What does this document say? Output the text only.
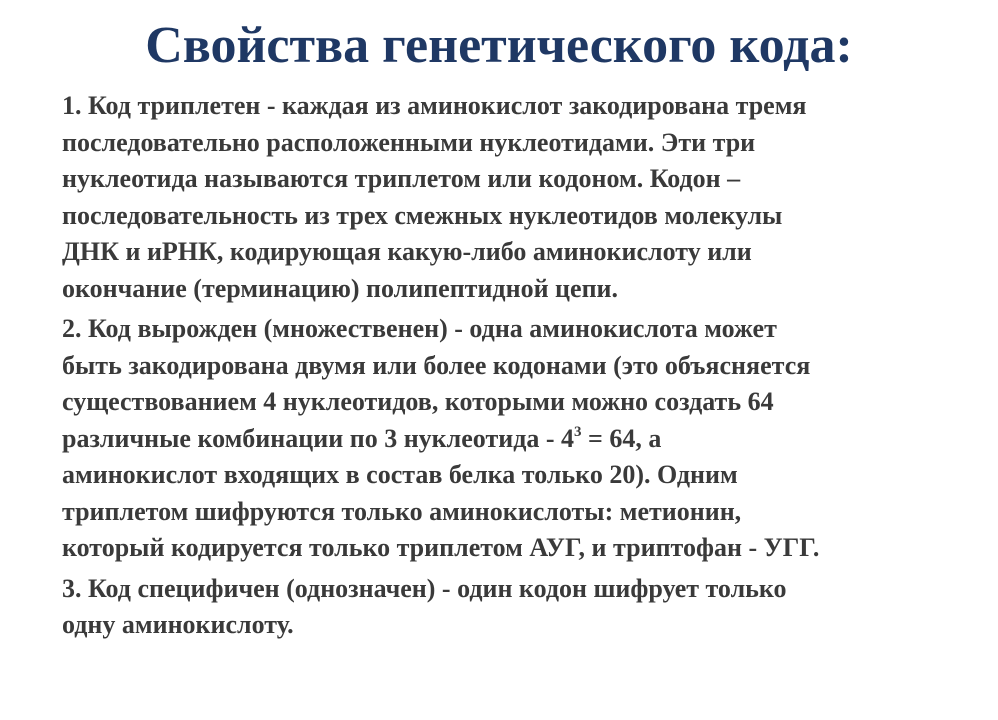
Свойства генетического кода:

1. Код триплетен - каждая из аминокислот закодирована тремя
последовательно расположенными нуклеотидами. Эти три
нуклеотида называются триплетом или кодоном. Кодон –
последовательность из трех смежных нуклеотидов молекулы
ДНК и иРНК, кодирующая какую-либо аминокислоту или
окончание (терминацию) полипептидной цепи.

2. Код вырожден (множественен) - одна аминокислота может
быть закодирована двумя или более кодонами (это объясняется
существованием 4 нуклеотидов, которыми можно создать 64
различные комбинации по 3 нуклеотида - $4^3 = 64$, а
аминокислот входящих в состав белка только 20). Одним
триплетом шифруются только аминокислоты: метионин,
который кодируется только триплетом АУГ, и триптофан - УГГ.

3. Код специфичен (однозначен) - один кодон шифрует только
одну аминокислоту.
